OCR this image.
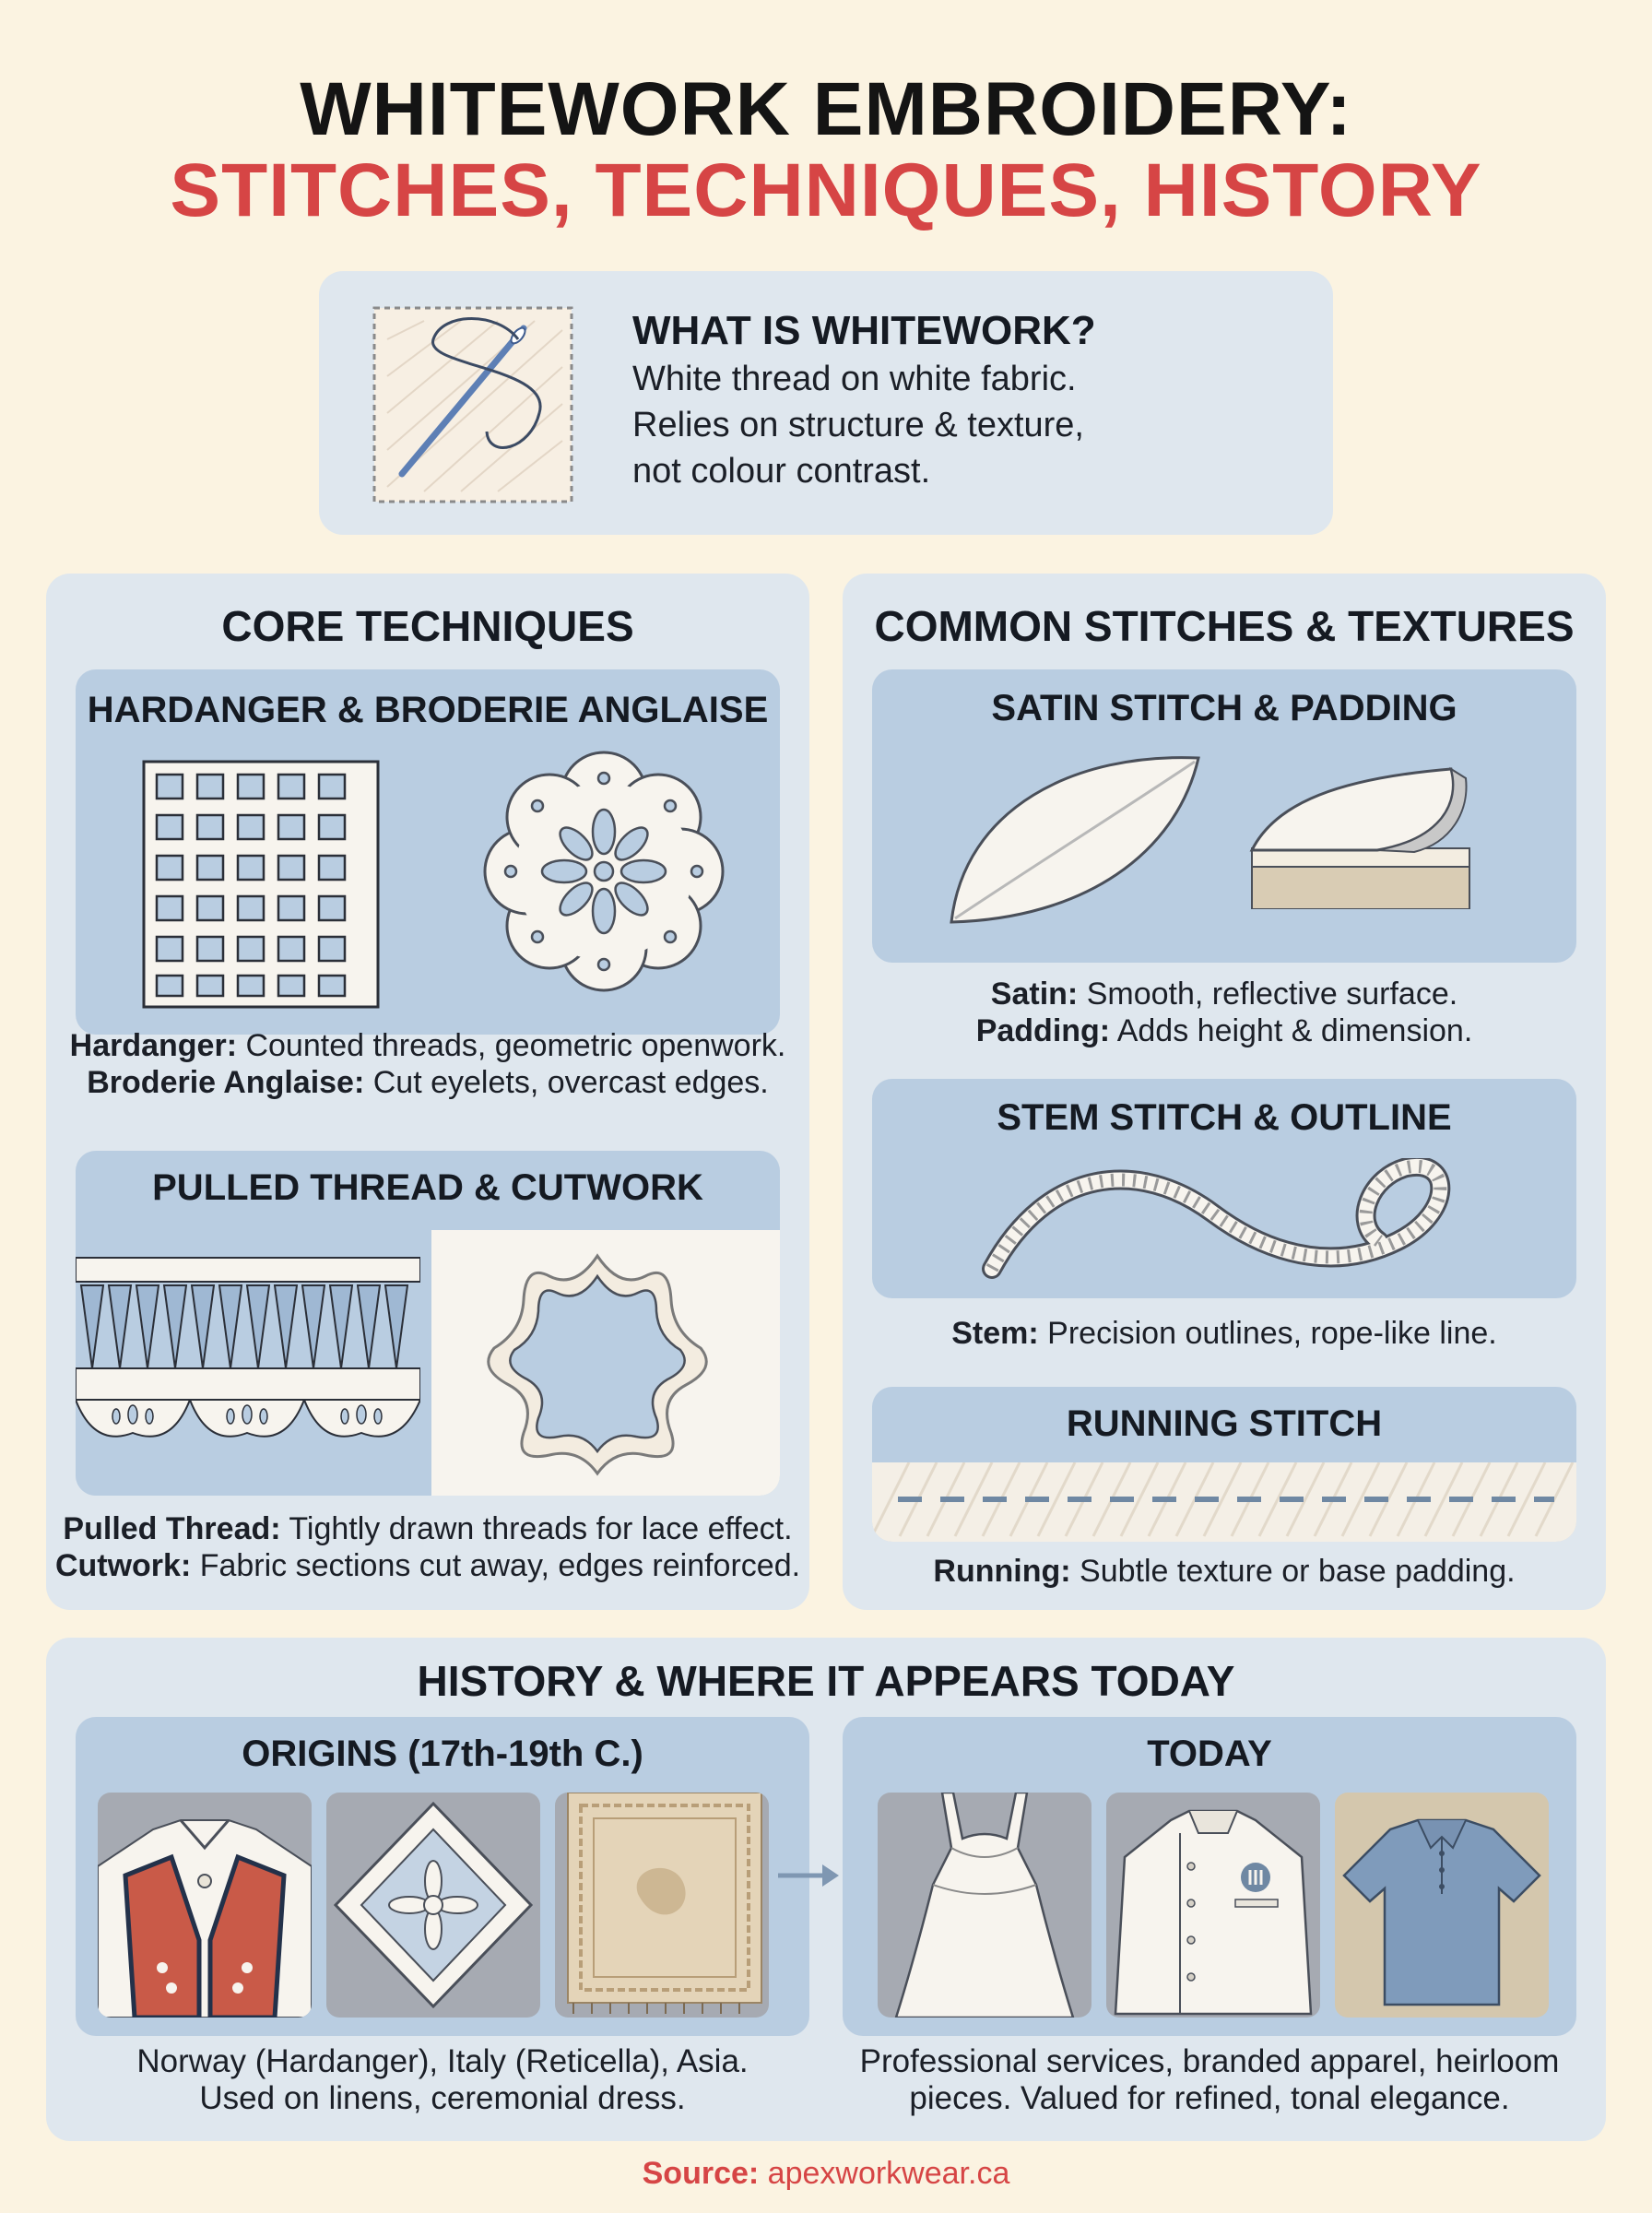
WHITEWORK EMBROIDERY:
STITCHES, TECHNIQUES, HISTORY
WHAT IS WHITEWORK?
White thread on white fabric.
Relies on structure & texture,
not colour contrast.
CORE TECHNIQUES
HARDANGER & BRODERIE ANGLAISE
Hardanger: Counted threads, geometric openwork.
Broderie Anglaise: Cut eyelets, overcast edges.
PULLED THREAD & CUTWORK
Pulled Thread: Tightly drawn threads for lace effect.
Cutwork: Fabric sections cut away, edges reinforced.
COMMON STITCHES & TEXTURES
SATIN STITCH & PADDING
Satin: Smooth, reflective surface.
Padding: Adds height & dimension.
STEM STITCH & OUTLINE
Stem: Precision outlines, rope-like line.
RUNNING STITCH
Running: Subtle texture or base padding.
HISTORY & WHERE IT APPEARS TODAY
ORIGINS (17th-19th C.)	TODAY
Norway (Hardanger), Italy (Reticella), Asia.
Used on linens, ceremonial dress.
Professional services, branded apparel, heirloom
pieces. Valued for refined, tonal elegance.
Source: apexworkwear.ca
